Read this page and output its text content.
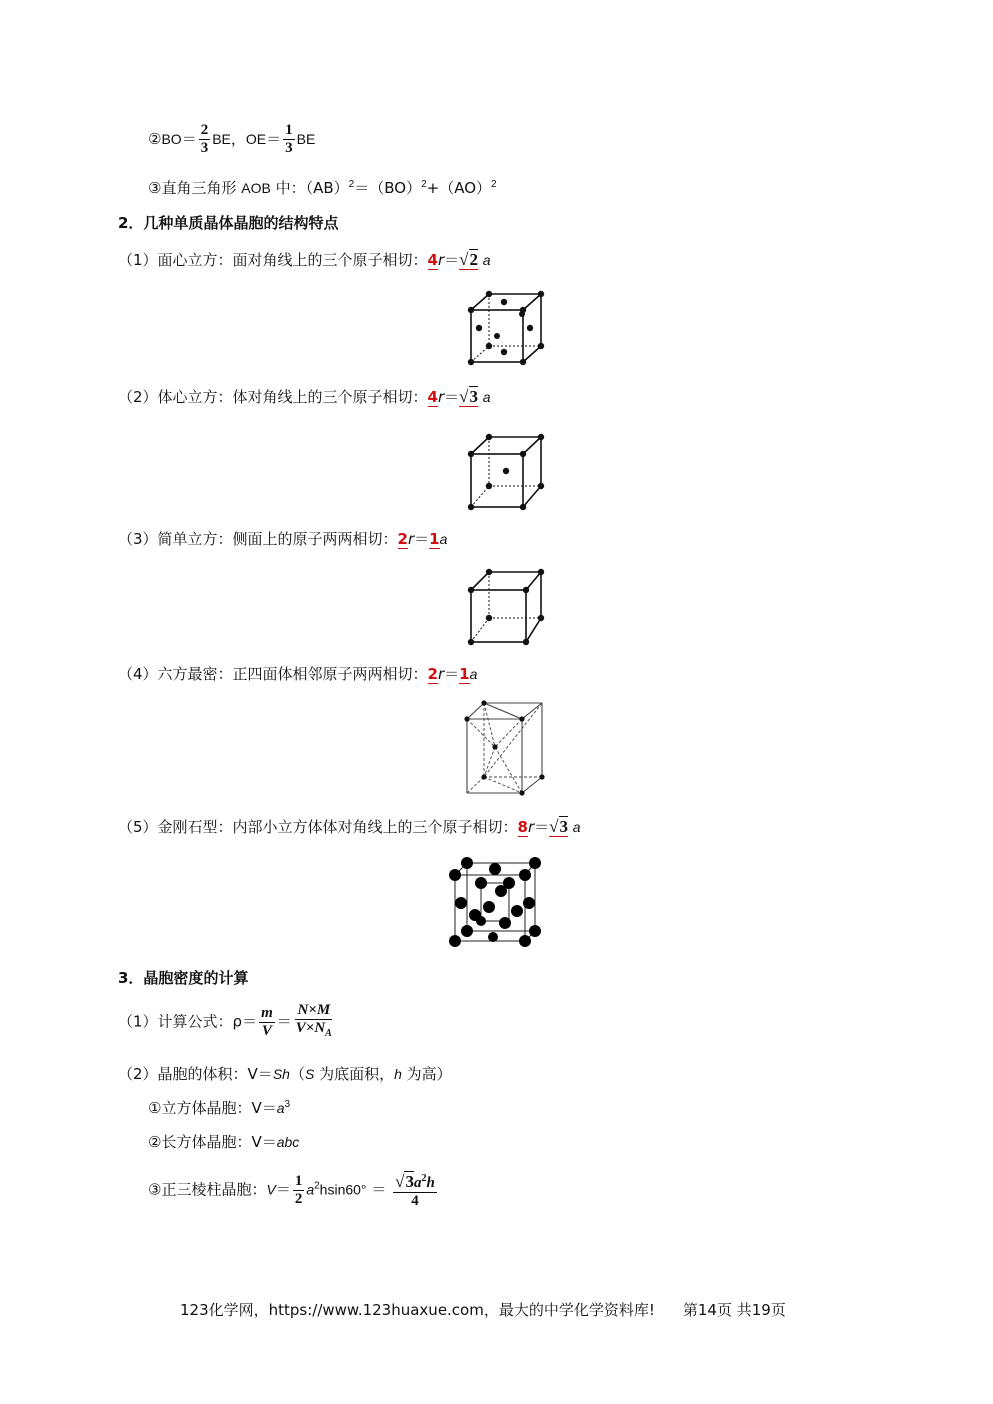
②BO＝ $\frac{2}{3}$ BE，$OE= \frac{1}{3}$ BE
③直角三角形 AOB 中：（AB）$^2$＝（BO）$^2$+（AO）$^2$
2．几种单质晶体晶胞的结构特点
（1）面心立方：面对角线上的三个原子相切：4r＝√2 a
（2）体心立方：体对角线上的三个原子相切：4r＝√3 a
（3）简单立方：侧面上的原子两两相切：2r＝1a
（4）六方最密：正四面体相邻原子两两相切：2r＝1a
（5）金刚石型：内部小立方体体对角线上的三个原子相切：8r＝√3 a
3．晶胞密度的计算
（1）计算公式：$\rho= \frac{m}{V} = \frac{N\times M}{V\times N_A}$
（2）晶胞的体积：V＝Sh（S 为底面积，h 为高）
①立方体晶胞：$V=a^3$
②长方体晶胞：V＝abc
③正三棱柱晶胞：$V= \frac{1}{2} a^2hsin60^\circ = \frac{√3a^2h}{4}$
123化学网，https://www.123huaxue.com，最大的中学化学资料库! 第14页 共19页
